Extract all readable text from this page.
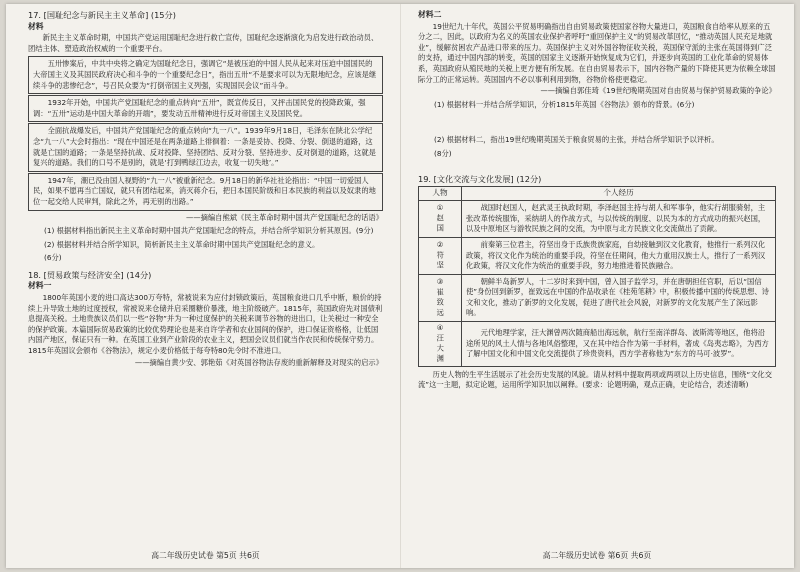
17. [国耻纪念与新民主主义革命] (15分)
材料

新民主主义革命时期，中国共产党运用国耻纪念进行救亡宣传，国耻纪念逐渐演化为启发进行政治动员、团结主体、塑造政治权威的一个重要平台。

五卅惨案后，中共中央将之确定为国耻纪念日，强调它“是被压迫的中国人民从起来对压迫中国国民的大帝国主义及其国民政府决心和斗争的一个重要纪念日”，指出五卅“不是要求可以为无限地纪念，应该是继续斗争的悲惨纪念”，号召民众要为“打倒帝国主义列强，实现国民会议”而斗争。

1932年开始，中国共产党国耻纪念的重点转向“五卅”，既宣传反日，又抨击国民党的投降政策，强调：“五卅”运动是中国大革命的开端”，要发动五卅精神进行反对帝国主义及国民党。

全面抗战爆发后，中国共产党国耻纪念的重点转向“九一八”。1939年9月18日，毛泽东在陕北公学纪念“九一八”大会时指出：“现在中国还是在两条道路上徘徊着：一条是妥协、投降、分裂、倒退的道路，这就是亡国的道路；一条是坚持抗战、反对投降、坚持团结、反对分裂、坚持进步、反对倒退的道路，这就是复兴的道路。我们的口号不是别的，就是‘打到鸭绿江边去，收复一切失地’。”

1947年，潮已没由国人视野的“九一八”被重新纪念。9月18日的新华社社论指出：“中国一切爱国人民，如果不愿再当亡国奴，就只有团结起来，消灭蒋介石，把日本国民阶级和日本民族的利益以及奴隶的地位一起交给人民审判，除此之外，再无别的出路。”

——摘编自熊斌《民主革命时期中国共产党国耻纪念的话语》

(1) 根据材料指出新民主主义革命时期中国共产党国耻纪念的特点，并结合所学知识分析其原因。(9分)

(2) 根据材料并结合所学知识，简析新民主主义革命时期中国共产党国耻纪念的意义。

(6分)

18. [贸易政策与经济安全] (14分)
材料一

1800年英国小麦的进口高达300万夸特，常被说来为应付封锁政策后，英国粮食进口几乎中断，粮价的持续上升导致土地的过度授权，常被说来仓储并启采圈糖价暴涨，地主阶级破产。1815年，英国政府先对国债利息提高关税。土地贵族议员们以一些“谷物”并为一种过度保护的关税来调节谷物的进出口，让关税过一种安全的保护政策。本篇国际贸易政策的比较优势理论也是来自许学者和农业国间的保护，进口保证资格格，让低国内国产地区，保证只有一种。在英国工业到产业阶段的农业主义，把国会议员们就当作农民和传统保守势力。1815年英国议会颁布《谷物法》，规定小麦价格低于每夸特80先令时不准进口。

——摘编自黄少安、郭艳茹《对英国谷物法存废的重新解释及对现实的启示》
高二年级历史试卷 第5页 共6页
材料二

19世纪九十年代，英国公平贸易明确指出自由贸易政策使国家谷物大量进口，英国粮食自给率从原来的五分之二，因此，以政府为名义的英国农业保护者呼吁“重回保护主义”的贸易改革回忆，“推动英国人民充足地就业”，缓解贫困农产品进口带来的压力。英国保护主义对外国谷物征收关税，英国保守派的主张在英国得到广泛的支持，通过中国内部的转变，英国的国家主义逐渐开始恢复成为它们，并逐步向英国的工业化革命的贸易体系，英国政府从殖民地的关税上更方便有所发展。在自由贸易表示下，国内谷物产量的下降使其更为依赖全球国际分工的正常运转。英国国内不必以事利利用到物，谷物价格使更稳定。

——摘编自郭佳琦《19世纪晚期英国对自由贸易与保护贸易政策的争论》

(1) 根据材料一并结合所学知识，分析1815年英国《谷物法》颁布的背景。(6分)

(2) 根据材料二，指出19世纪晚期英国关于粮食贸易的主张，并结合所学知识予以评析。

(8分)

19. [文化交流与文化发展] (12分)
人物	个人经历

①
赵国	战国时赵国人，赵武灵王执政时期，李泽赵国主持与胡人和军事争，他实行胡服骑射，主张改革传统服饰，采纳胡人的作战方式，与以传统的制度、以民为本的方式成功的振兴赵国，以及中原地区与游牧民族之间的交流，为中原与北方民族文化交流做出了贡献。

②
符坚	前秦第三位君主，符坚出身于氐族贵族家庭，自幼接触到汉文化教育，他推行一系列汉化政策，将汉文化作为统治的重要手段，符坚在任期间，他大力重用汉族士人，推行了一系列汉化政策，将汉文化作为统治的重要手段，努力地推进着民族融合。

③
崔致远	朝鲜半岛新罗人，十二岁时来到中国，曾入国子监学习，并在唐朝担任官职，后以“国信使”身份回到新罗，崔致远在中国的作品收录在《桂苑笔耕》中，积极传播中国的传统思想、诗文和文化，推动了新罗的文化发展，促进了唐代社会风貌，对新罗的文化发展产生了深远影响。

④
汪大渊	元代地理学家，汪大渊曾两次随商船出海远航，航行至南洋群岛、波斯湾等地区，他将沿途所见的风土人情与各地风俗整理，又在其中结合作为第一手材料，著成《岛夷志略》，为西方了解中国文化和中国文化交流提供了珍贵资料，西方学者称他为“东方的马可·波罗”。

历史人物的生平生活展示了社会历史发展的风貌。请从材料中提取两项或两项以上历史信息，围绕“文化交流”这一主题，拟定论题，运用所学知识加以阐释。(要求：论题明确，观点正确，史论结合，表述清晰)

高二年级历史试卷 第6页 共6页
